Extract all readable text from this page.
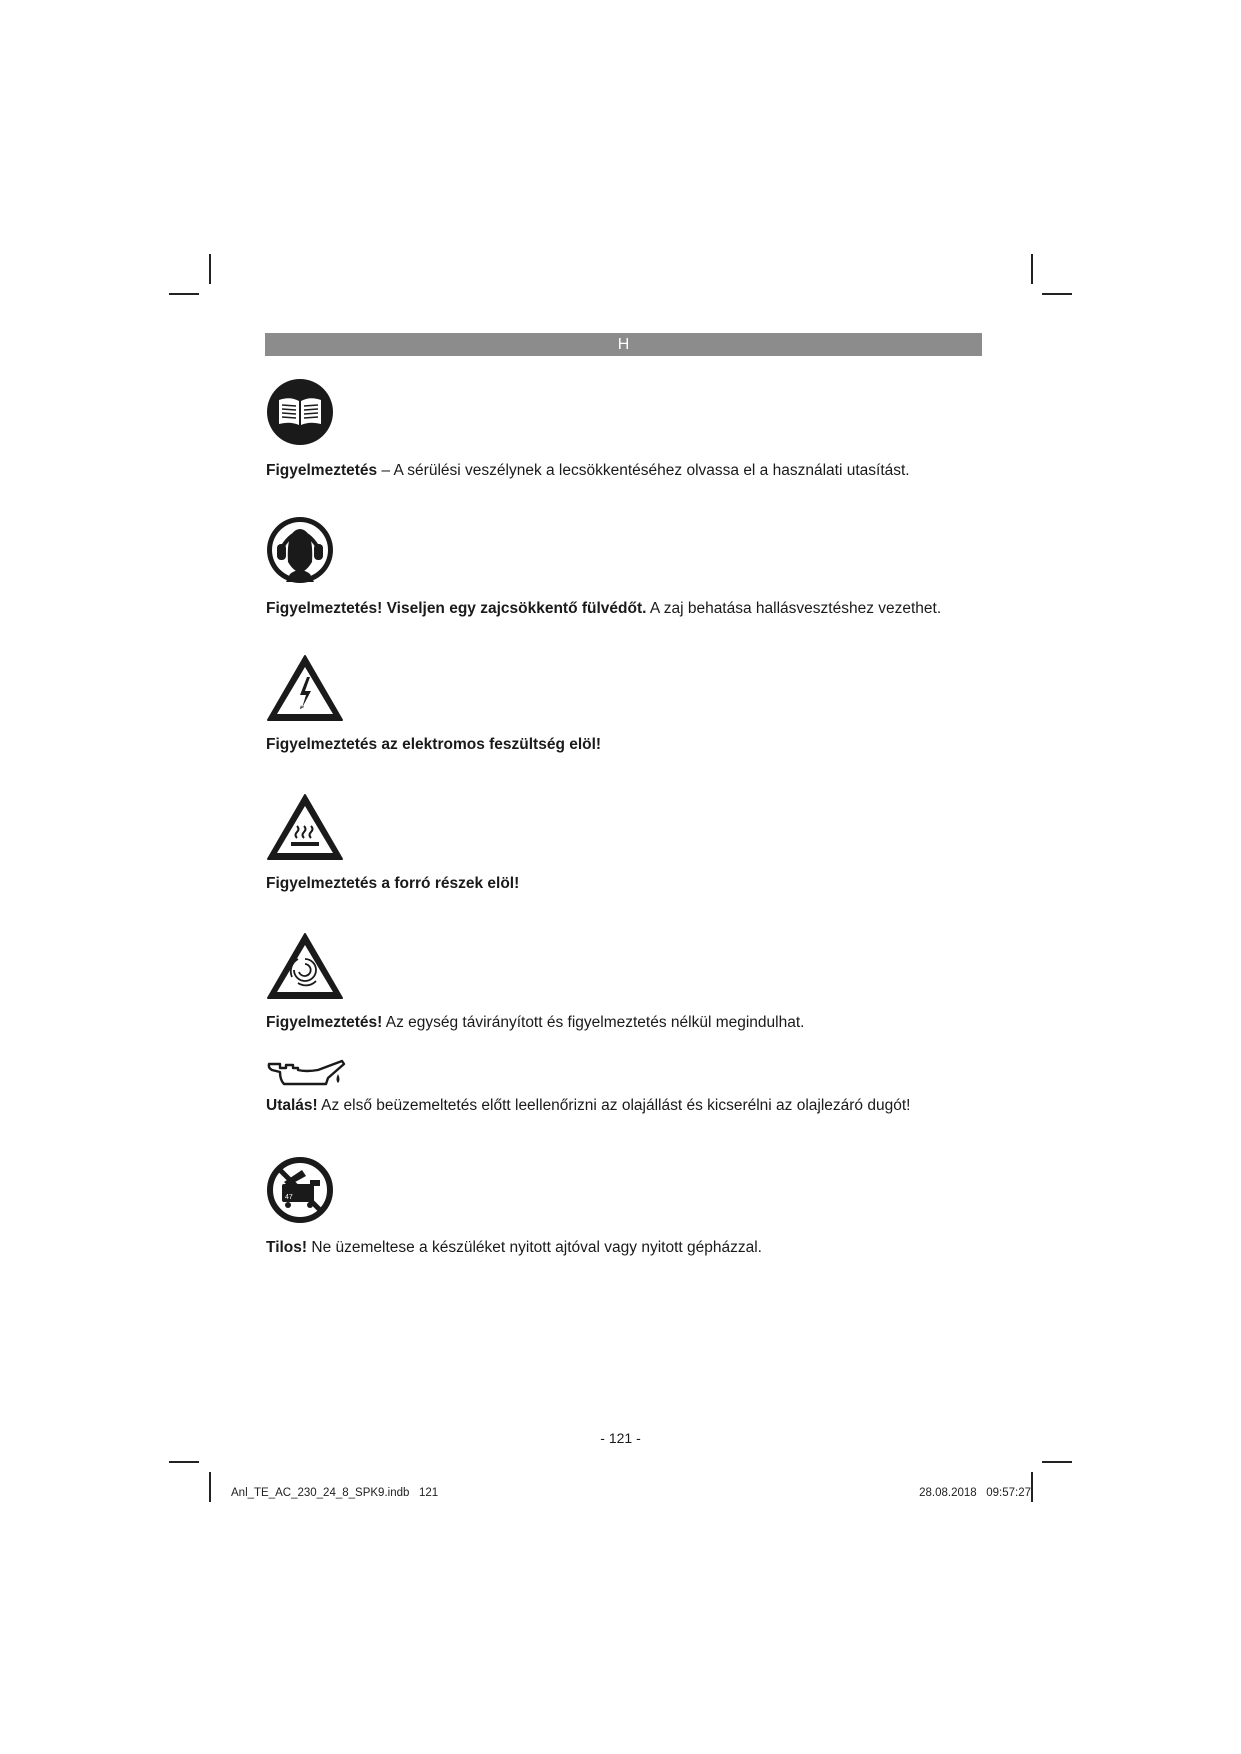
H

Figyelmeztetés – A sérülési veszélynek a lecsökkentéséhez olvassa el a használati utasítást.

Figyelmeztetés! Viseljen egy zajcsökkentő fülvédőt. A zaj behatása hallásvesztéshez vezethet.

Figyelmeztetés az elektromos feszültség elöl!

Figyelmeztetés a forró részek elöl!

Figyelmeztetés! Az egység távirányított és figyelmeztetés nélkül megindulhat.

Utalás! Az első beüzemeltetés előtt leellenőrizni az olajállást és kicserélni az olajlezáró dugót!

47

Tilos! Ne üzemeltese a készüléket nyitott ajtóval vagy nyitott gépházzal.

- 121 -
Anl_TE_AC_230_24_8_SPK9.indb   121	28.08.2018   09:57:27
